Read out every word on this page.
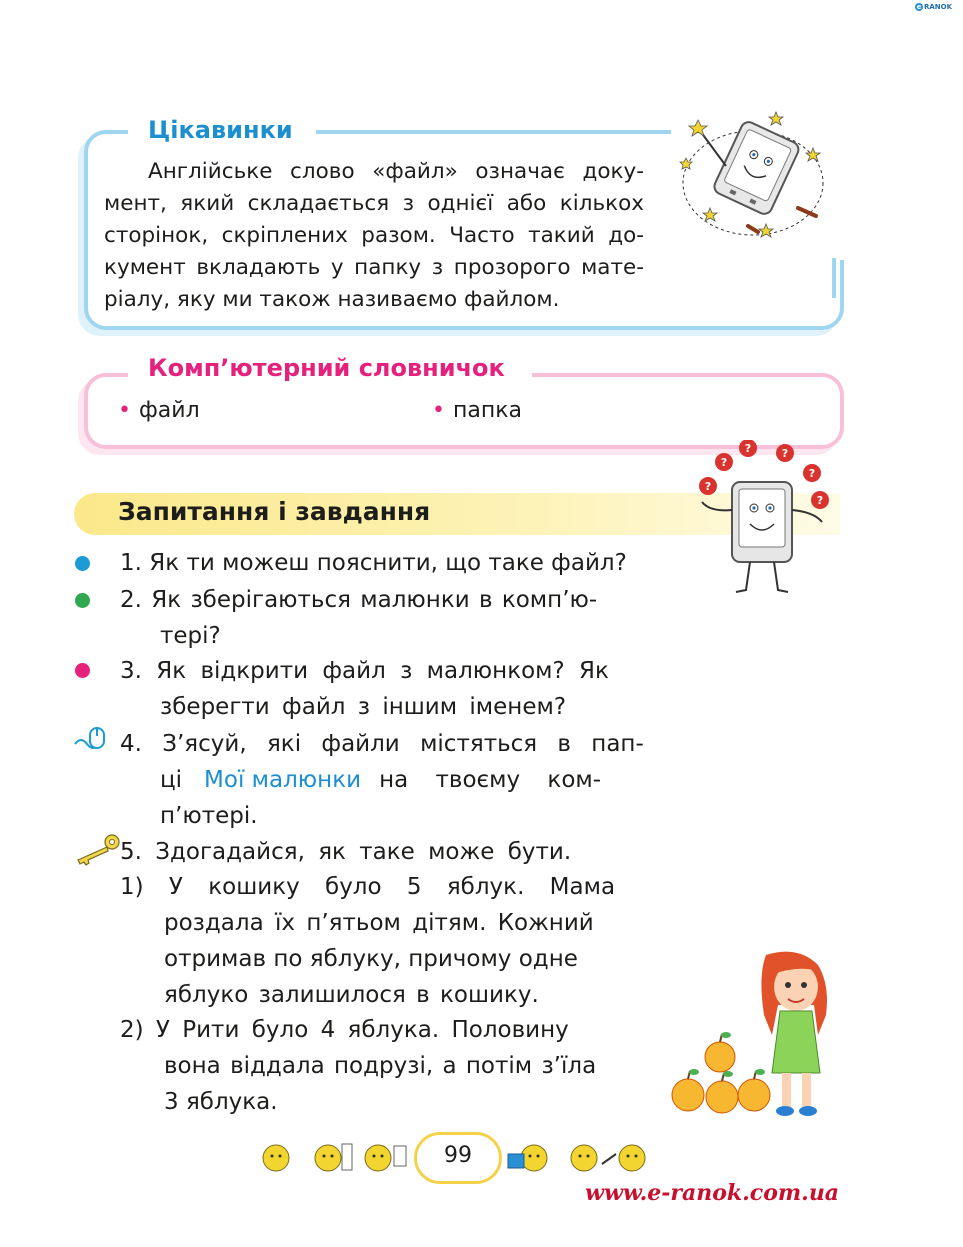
e RANOK
Цікавинки

Англійське слово «файл» означає доку-

мент, який складається з однієї або кількох

сторінок, скріплених разом. Часто такий до-

кумент вкладають у папку з прозорого мате-

ріалу, яку ми також називаємо файлом.

Комп’ютерний словничок
• файл	• папка
Запитання і завдання
?
?	?
?
?
?
1. Як ти можеш пояснити, що таке файл?
2. Як зберігаються малюнки в комп’ю-
тері?
3. Як відкрити файл з малюнком? Як
зберегти файл з іншим іменем?
4. З’ясуй, які файли містяться в пап-
ці Мої малюнки на твоєму ком-
п’ютері.
5. Здогадайся, як таке може бути.
1) У кошику було 5 яблук. Мама
роздала їх п’ятьом дітям. Кожний
отримав по яблуку, причому одне
яблуко залишилося в кошику.
2) У Рити було 4 яблука. Половину
вона віддала подрузі, а потім з’їла
3 яблука.
99
www.e-ranok.com.ua
